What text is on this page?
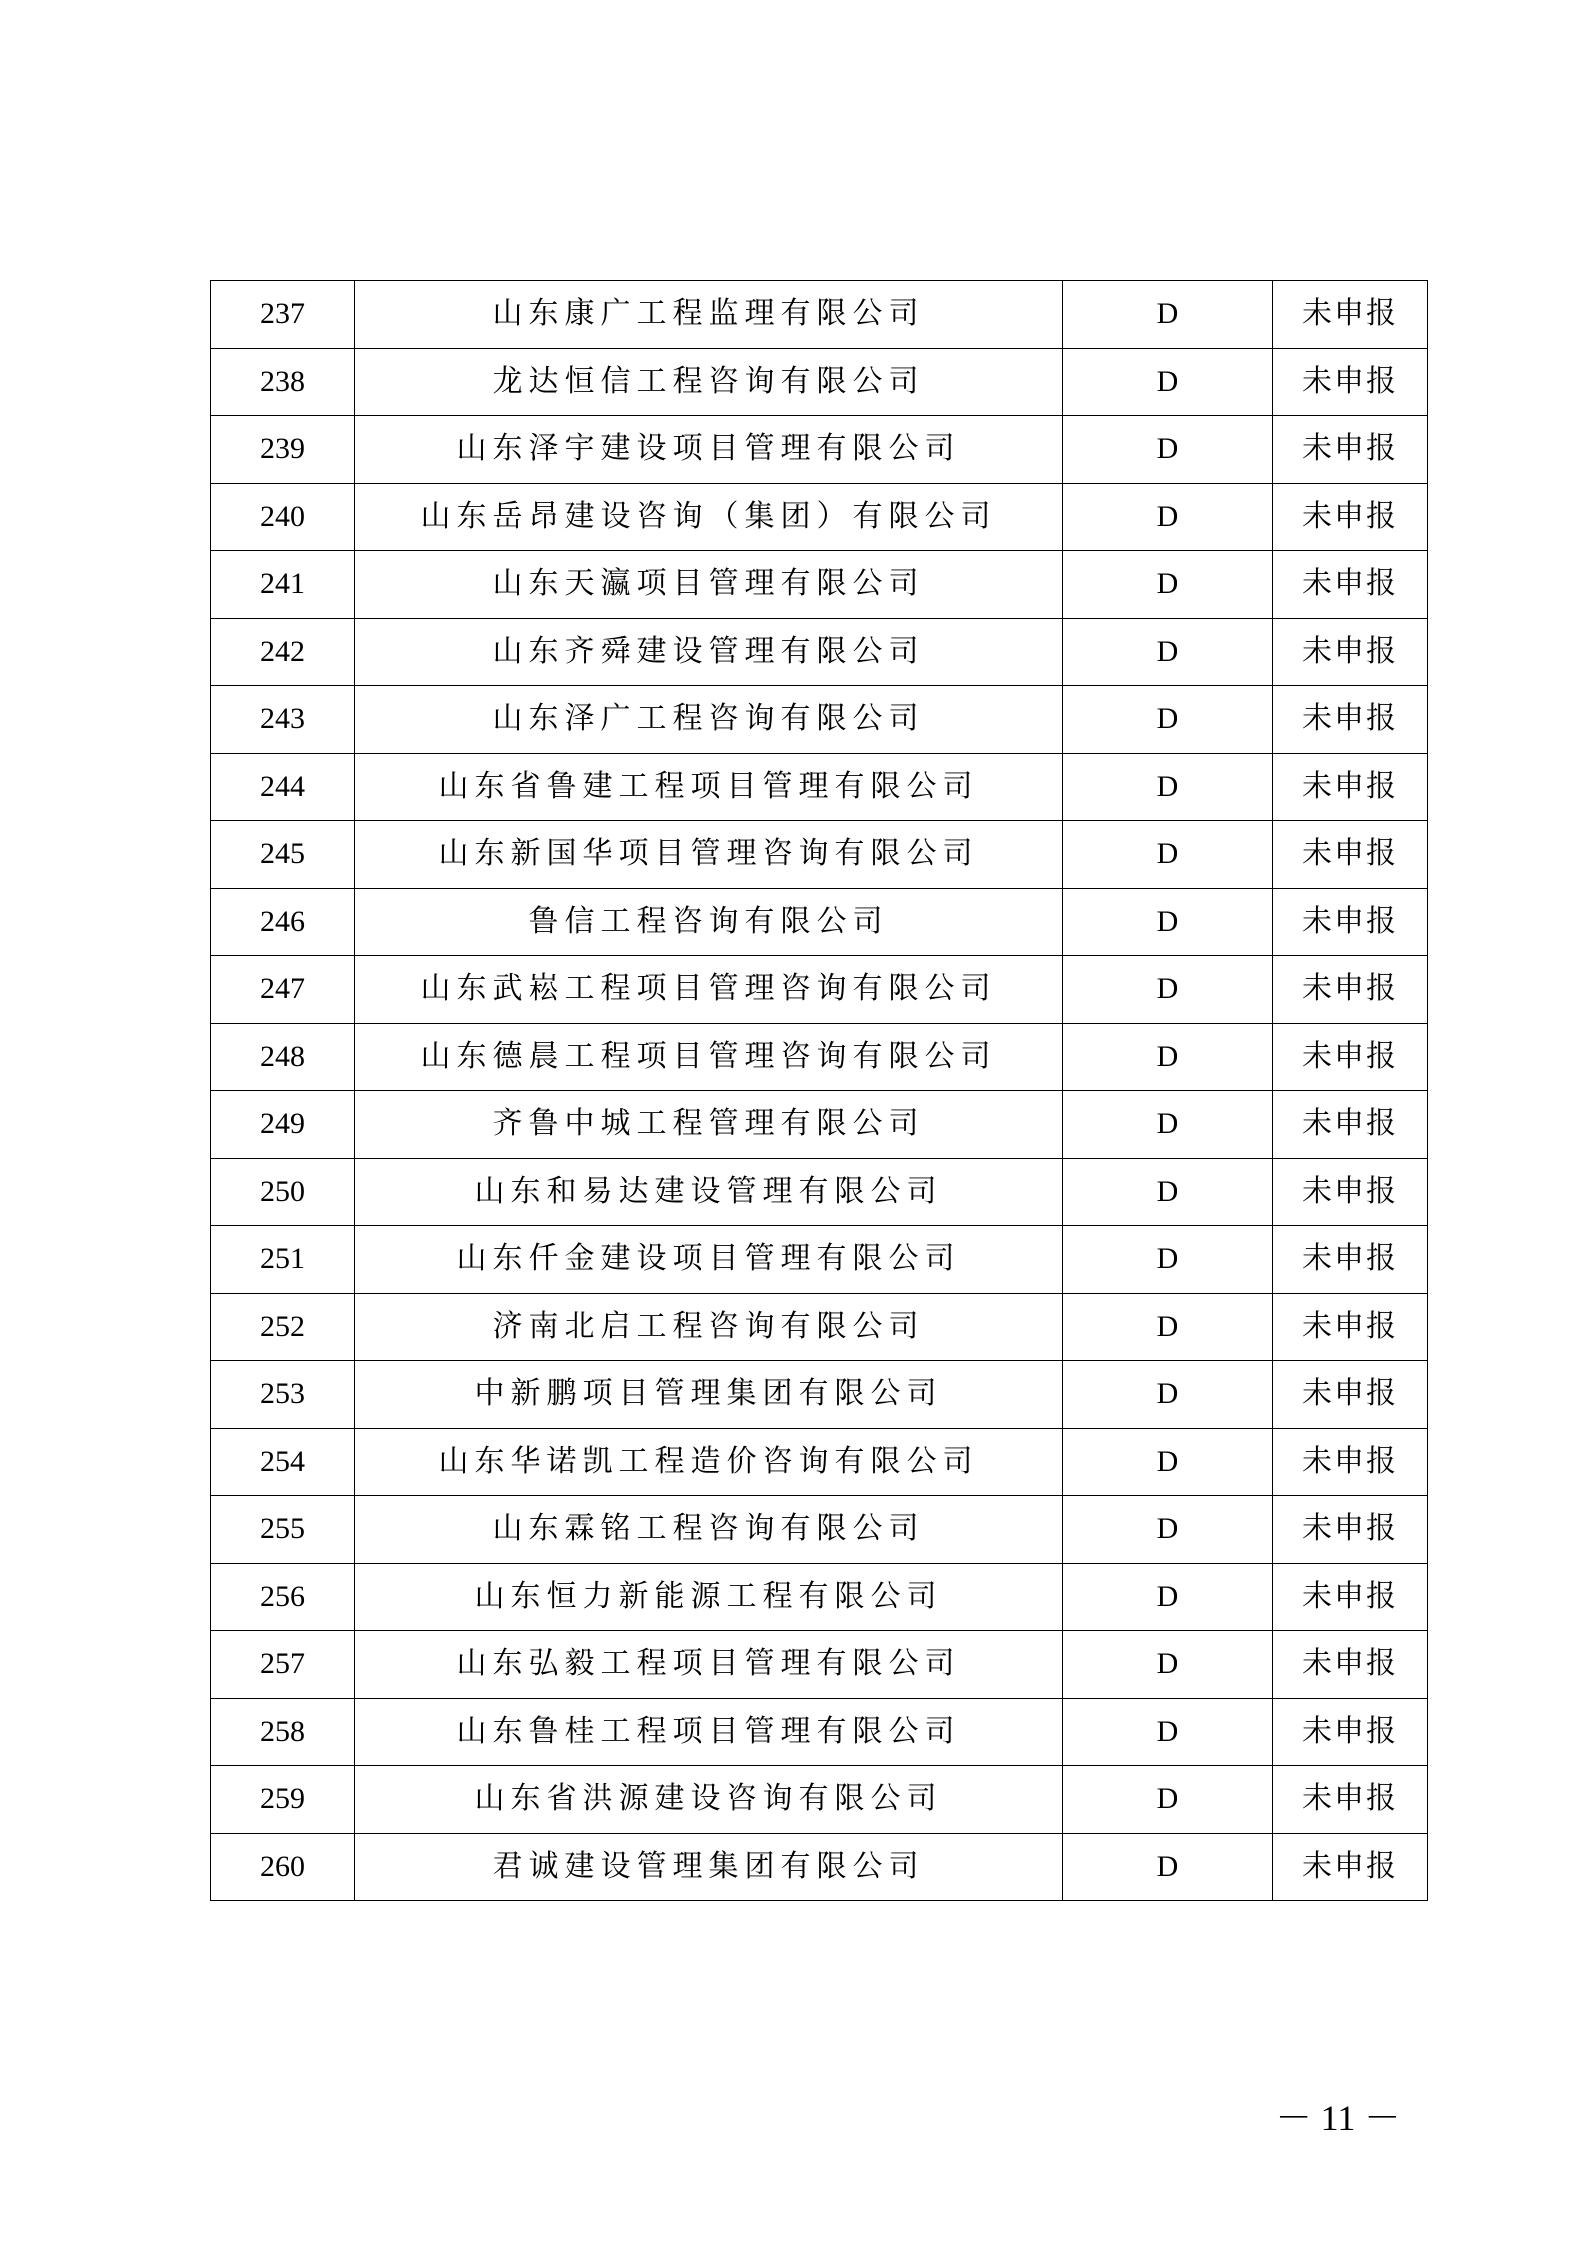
237	山东康广工程监理有限公司	D	未申报
238	龙达恒信工程咨询有限公司	D	未申报
239	山东泽宇建设项目管理有限公司	D	未申报
240	山东岳昂建设咨询（集团）有限公司	D	未申报
241	山东天瀛项目管理有限公司	D	未申报
242	山东齐舜建设管理有限公司	D	未申报
243	山东泽广工程咨询有限公司	D	未申报
244	山东省鲁建工程项目管理有限公司	D	未申报
245	山东新国华项目管理咨询有限公司	D	未申报
246	鲁信工程咨询有限公司	D	未申报
247	山东武崧工程项目管理咨询有限公司	D	未申报
248	山东德晨工程项目管理咨询有限公司	D	未申报
249	齐鲁中城工程管理有限公司	D	未申报
250	山东和易达建设管理有限公司	D	未申报
251	山东仟金建设项目管理有限公司	D	未申报
252	济南北启工程咨询有限公司	D	未申报
253	中新鹏项目管理集团有限公司	D	未申报
254	山东华诺凯工程造价咨询有限公司	D	未申报
255	山东霖铭工程咨询有限公司	D	未申报
256	山东恒力新能源工程有限公司	D	未申报
257	山东弘毅工程项目管理有限公司	D	未申报
258	山东鲁桂工程项目管理有限公司	D	未申报
259	山东省洪源建设咨询有限公司	D	未申报
260	君诚建设管理集团有限公司	D	未申报
－ 11 －
